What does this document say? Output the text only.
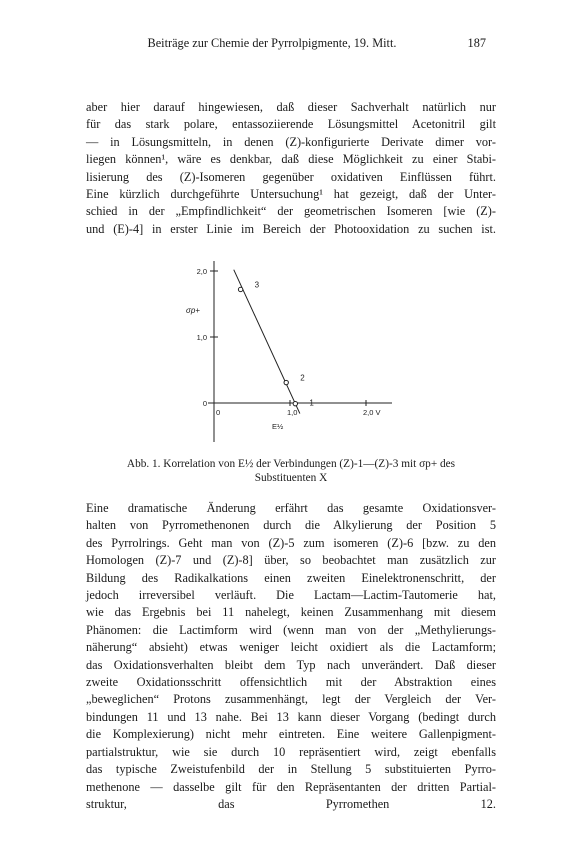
Beiträge zur Chemie der Pyrrolpigmente, 19. Mitt.	187
aber hier darauf hingewiesen, daß dieser Sachverhalt natürlich nur
für das stark polare, entassoziierende Lösungsmittel Acetonitril gilt
— in Lösungsmitteln, in denen (Z)-konfigurierte Derivate dimer vor-
liegen können¹, wäre es denkbar, daß diese Möglichkeit zu einer Stabi-
lisierung des (Z)-Isomeren gegenüber oxidativen Einflüssen führt.
Eine kürzlich durchgeführte Untersuchung¹ hat gezeigt, daß der Unter-
schied in der „Empfindlichkeit“ der geometrischen Isomeren [wie (Z)-
und (E)-4] in erster Linie im Bereich der Photooxidation zu suchen ist.
0
1,0
2,0
0	1,0	2,0 V
σp+
E½
3
2
1
Abb. 1. Korrelation von E½ der Verbindungen (Z)-1—(Z)-3 mit σp+ des
Substituenten X
Eine dramatische Änderung erfährt das gesamte Oxidationsver-
halten von Pyrromethenonen durch die Alkylierung der Position 5
des Pyrrolrings. Geht man von (Z)-5 zum isomeren (Z)-6 [bzw. zu den
Homologen (Z)-7 und (Z)-8] über, so beobachtet man zusätzlich zur
Bildung des Radikalkations einen zweiten Einelektronenschritt, der
jedoch irreversibel verläuft. Die Lactam—Lactim-Tautomerie hat,
wie das Ergebnis bei 11 nahelegt, keinen Zusammenhang mit diesem
Phänomen: die Lactimform wird (wenn man von der „Methylierungs-
näherung“ absieht) etwas weniger leicht oxidiert als die Lactamform;
das Oxidationsverhalten bleibt dem Typ nach unverändert. Daß dieser
zweite Oxidationsschritt offensichtlich mit der Abstraktion eines
„beweglichen“ Protons zusammenhängt, legt der Vergleich der Ver-
bindungen 11 und 13 nahe. Bei 13 kann dieser Vorgang (bedingt durch
die Komplexierung) nicht mehr eintreten. Eine weitere Gallenpigment-
partialstruktur, wie sie durch 10 repräsentiert wird, zeigt ebenfalls
das typische Zweistufenbild der in Stellung 5 substituierten Pyrro-
methenone — dasselbe gilt für den Repräsentanten der dritten Partial-
struktur, das Pyrromethen 12.
